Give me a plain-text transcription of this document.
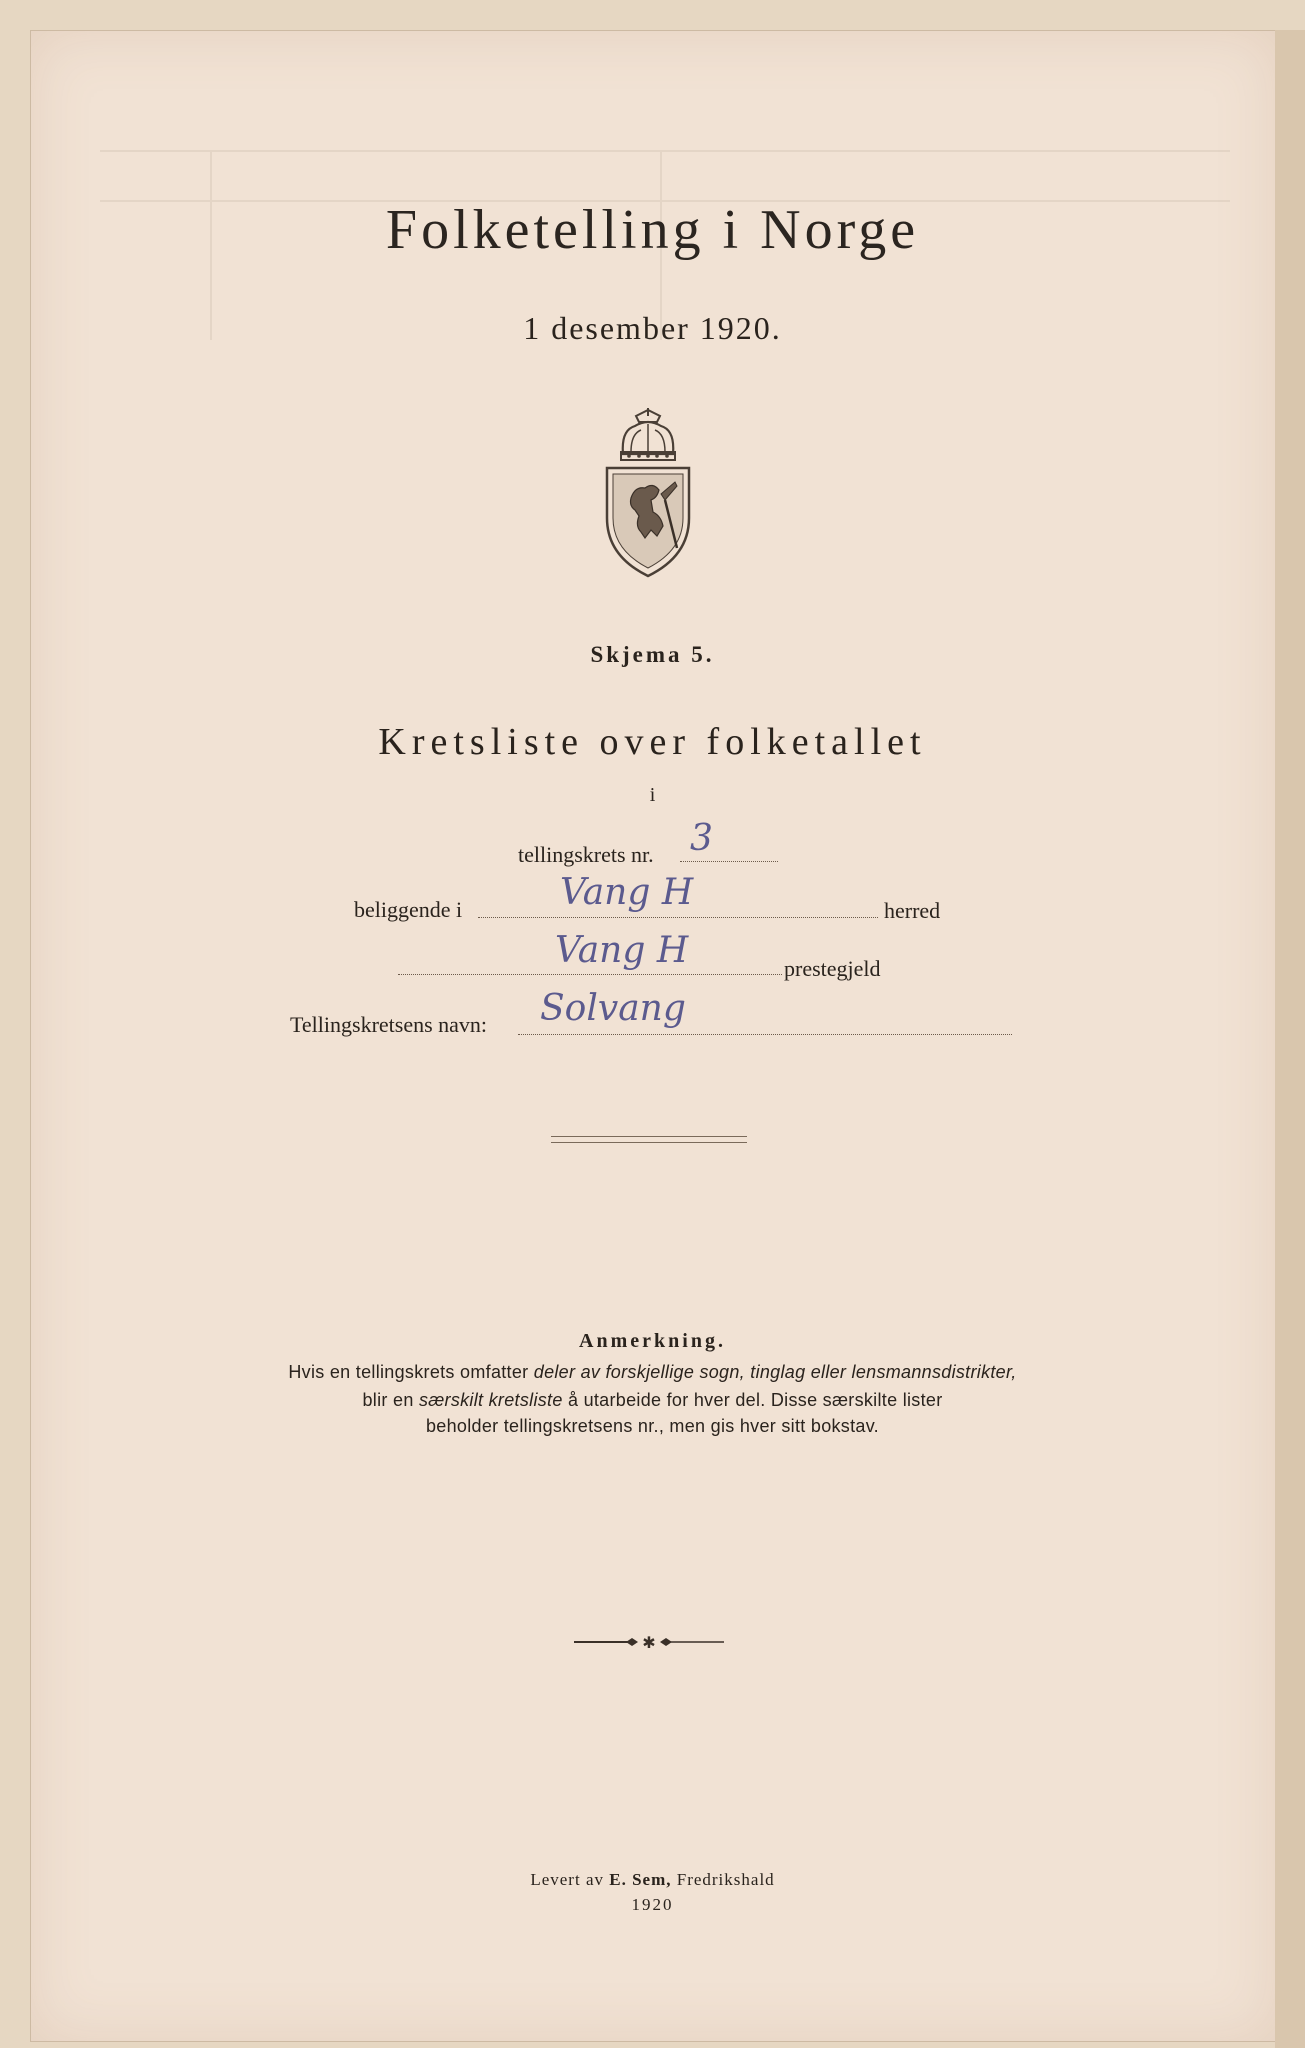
Folketelling i Norge
1 desember 1920.
Skjema 5.
Kretsliste over folketallet
i
tellingskrets nr. 3
beliggende i	Vang H	herred
Vang H	prestegjeld
Tellingskretsens navn: Solvang
Anmerkning.
Hvis en tellingskrets omfatter deler av forskjellige sogn, tinglag eller lensmannsdistrikter,
blir en særskilt kretsliste å utarbeide for hver del. Disse særskilte lister
beholder tellingskretsens nr., men gis hver sitt bokstav.
✱
Levert av E. Sem, Fredrikshald
1920
